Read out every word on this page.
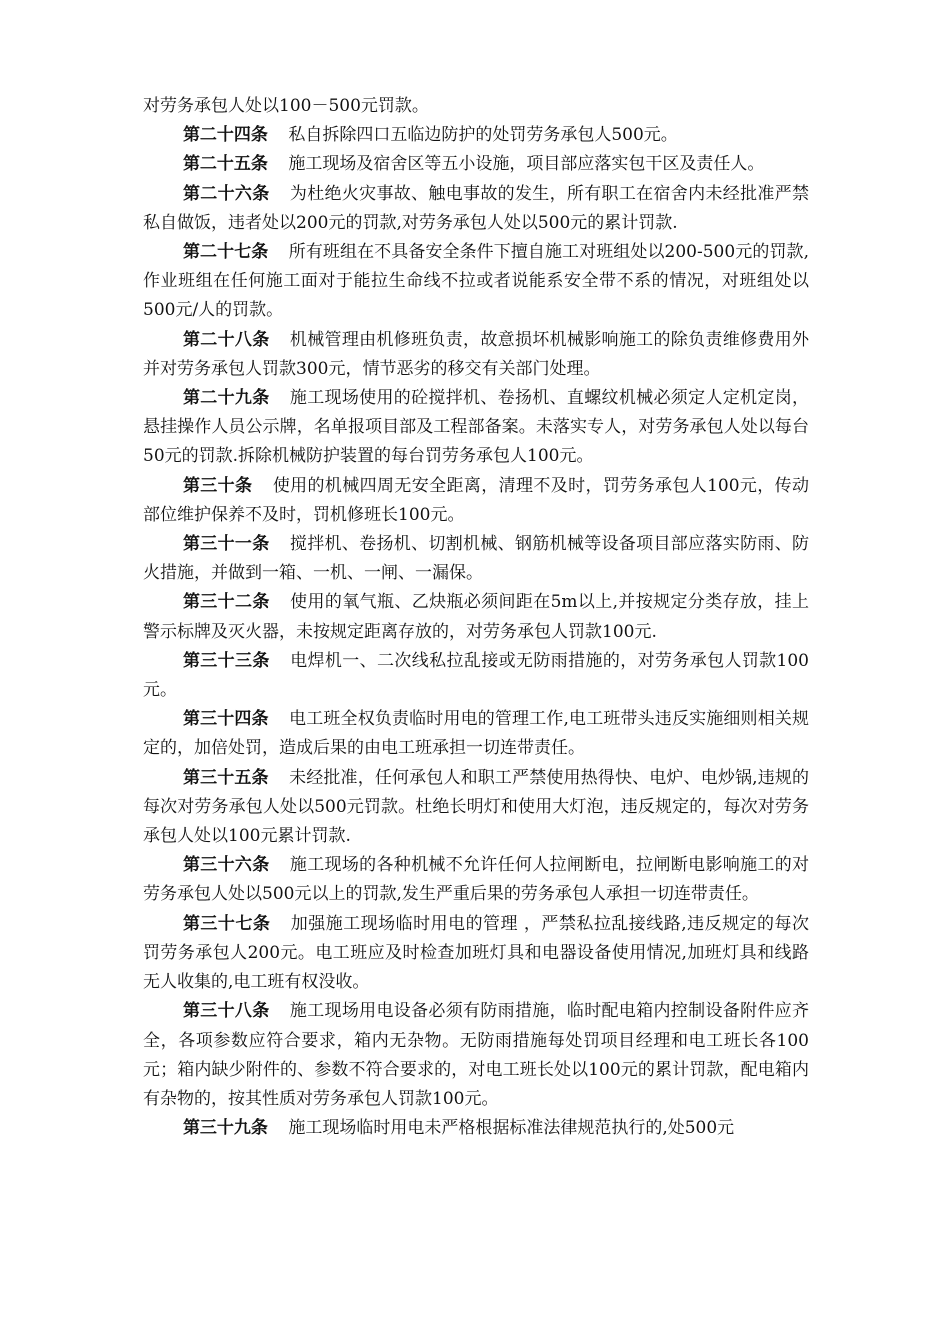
对劳务承包人处以100－500元罚款。

第二十四条 私自拆除四口五临边防护的处罚劳务承包人500元。

第二十五条 施工现场及宿舍区等五小设施，项目部应落实包干区及责任人。

第二十六条 为杜绝火灾事故、触电事故的发生，所有职工在宿舍内未经批准严禁私自做饭，违者处以200元的罚款,对劳务承包人处以500元的累计罚款.

第二十七条 所有班组在不具备安全条件下擅自施工对班组处以200-500元的罚款,作业班组在任何施工面对于能拉生命线不拉或者说能系安全带不系的情况，对班组处以500元/人的罚款。

第二十八条 机械管理由机修班负责，故意损坏机械影响施工的除负责维修费用外并对劳务承包人罚款300元，情节恶劣的移交有关部门处理。

第二十九条 施工现场使用的砼搅拌机、卷扬机、直螺纹机械必须定人定机定岗，悬挂操作人员公示牌，名单报项目部及工程部备案。未落实专人，对劳务承包人处以每台50元的罚款.拆除机械防护装置的每台罚劳务承包人100元。

第三十条 使用的机械四周无安全距离，清理不及时，罚劳务承包人100元，传动部位维护保养不及时，罚机修班长100元。

第三十一条 搅拌机、卷扬机、切割机械、钢筋机械等设备项目部应落实防雨、防火措施，并做到一箱、一机、一闸、一漏保。

第三十二条 使用的氧气瓶、乙炔瓶必须间距在5m以上,并按规定分类存放，挂上警示标牌及灭火器，未按规定距离存放的，对劳务承包人罚款100元.

第三十三条 电焊机一、二次线私拉乱接或无防雨措施的，对劳务承包人罚款100元。

第三十四条 电工班全权负责临时用电的管理工作,电工班带头违反实施细则相关规定的，加倍处罚，造成后果的由电工班承担一切连带责任。

第三十五条 未经批准，任何承包人和职工严禁使用热得快、电炉、电炒锅,违规的每次对劳务承包人处以500元罚款。杜绝长明灯和使用大灯泡，违反规定的，每次对劳务承包人处以100元累计罚款.

第三十六条 施工现场的各种机械不允许任何人拉闸断电，拉闸断电影响施工的对劳务承包人处以500元以上的罚款,发生严重后果的劳务承包人承担一切连带责任。

第三十七条 加强施工现场临时用电的管理 ，严禁私拉乱接线路,违反规定的每次罚劳务承包人200元。电工班应及时检查加班灯具和电器设备使用情况,加班灯具和线路无人收集的,电工班有权没收。

第三十八条 施工现场用电设备必须有防雨措施，临时配电箱内控制设备附件应齐全，各项参数应符合要求，箱内无杂物。无防雨措施每处罚项目经理和电工班长各100元；箱内缺少附件的、参数不符合要求的，对电工班长处以100元的累计罚款，配电箱内有杂物的，按其性质对劳务承包人罚款100元。

第三十九条 施工现场临时用电未严格根据标准法律规范执行的,处500元
